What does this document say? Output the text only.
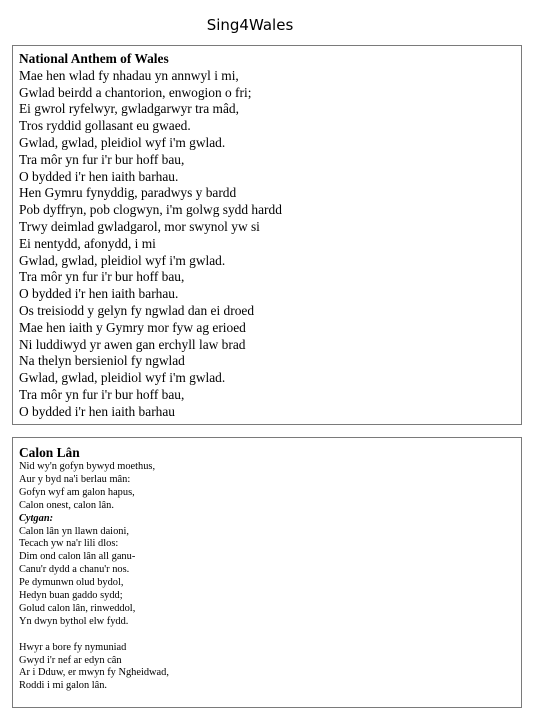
Sing4Wales
National Anthem of Wales
Mae hen wlad fy nhadau yn annwyl i mi,
Gwlad beirdd a chantorion, enwogion o fri;
Ei gwrol ryfelwyr, gwladgarwyr tra mâd,
Tros ryddid gollasant eu gwaed.
Gwlad, gwlad, pleidiol wyf i'm gwlad.
Tra môr yn fur i'r bur hoff bau,
O bydded i'r hen iaith barhau.
Hen Gymru fynyddig, paradwys y bardd
Pob dyffryn, pob clogwyn, i'm golwg sydd hardd
Trwy deimlad gwladgarol, mor swynol yw si
Ei nentydd, afonydd, i mi
Gwlad, gwlad, pleidiol wyf i'm gwlad.
Tra môr yn fur i'r bur hoff bau,
O bydded i'r hen iaith barhau.
Os treisiodd y gelyn fy ngwlad dan ei droed
Mae hen iaith y Gymry mor fyw ag erioed
Ni luddiwyd yr awen gan erchyll law brad
Na thelyn bersieniol fy ngwlad
Gwlad, gwlad, pleidiol wyf i'm gwlad.
Tra môr yn fur i'r bur hoff bau,
O bydded i'r hen iaith barhau
Calon Lân
Nid wy'n gofyn bywyd moethus,
Aur y byd na'i berlau mân:
Gofyn wyf am galon hapus,
Calon onest, calon lân.
Cytgan:
Calon lân yn llawn daioni,
Tecach yw na'r lili dlos:
Dim ond calon lân all ganu-
Canu'r dydd a chanu'r nos.
Pe dymunwn olud bydol,
Hedyn buan gaddo sydd;
Golud calon lân, rinweddol,
Yn dwyn bythol elw fydd.
Hwyr a bore fy nymuniad
Gwyd i'r nef ar edyn cân
Ar i Dduw, er mwyn fy Ngheidwad,
Roddi i mi galon lân.
